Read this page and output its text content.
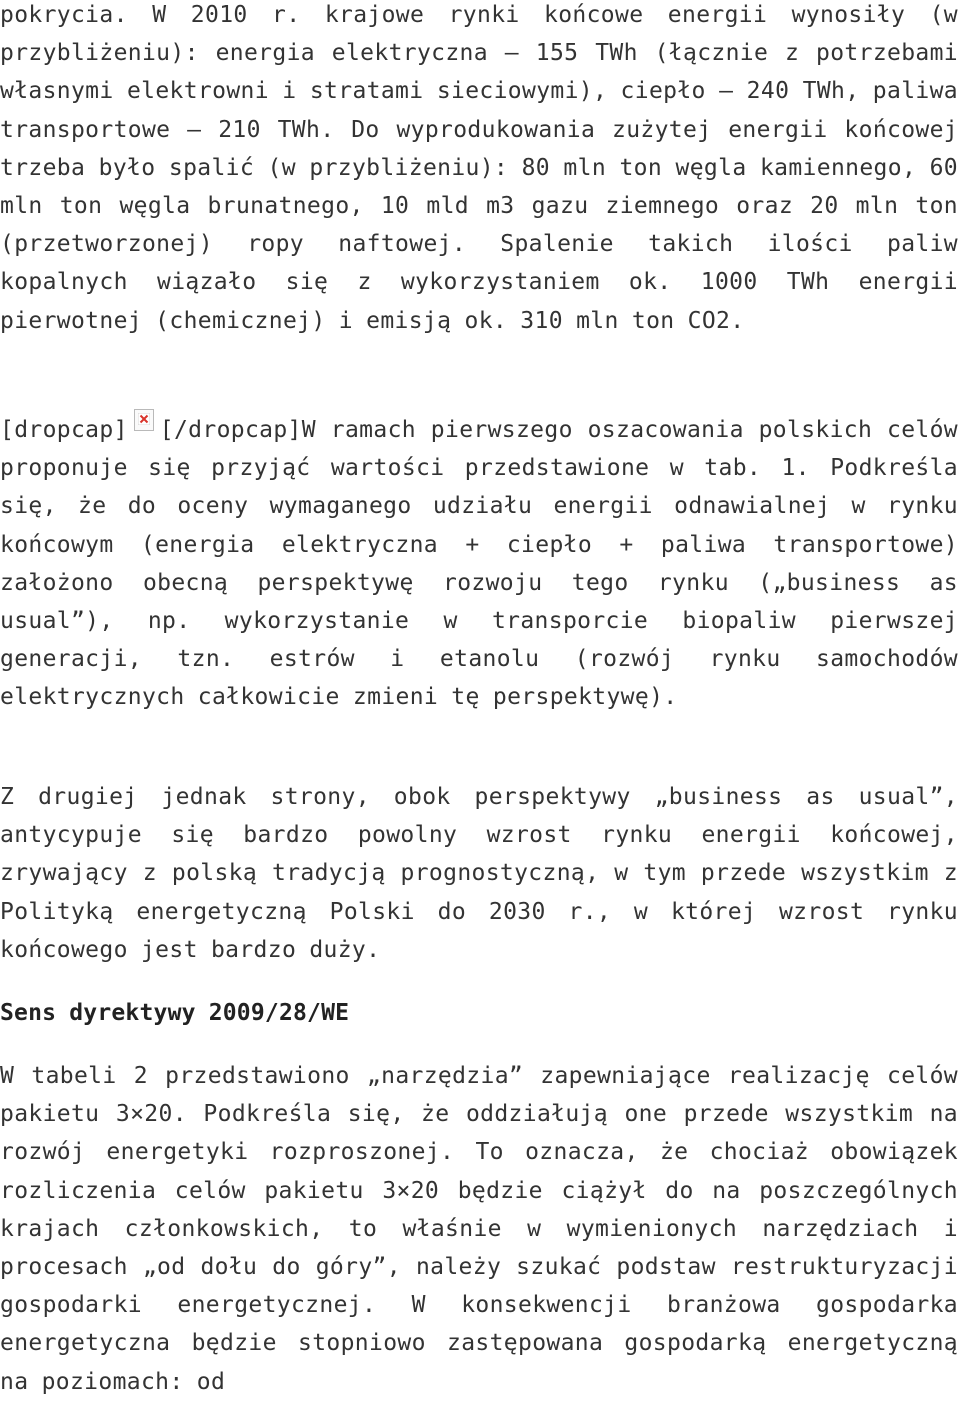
pokrycia. W 2010 r. krajowe rynki końcowe energii wynosiły (w przybliżeniu): energia elektryczna – 155 TWh (łącznie z potrzebami własnymi elektrowni i stratami sieciowymi), ciepło – 240 TWh, paliwa transportowe – 210 TWh. Do wyprodukowania zużytej energii końcowej trzeba było spalić (w przybliżeniu): 80 mln ton węgla kamiennego, 60 mln ton węgla brunatnego, 10 mld m3 gazu ziemnego oraz 20 mln ton (przetworzonej) ropy naftowej. Spalenie takich ilości paliw kopalnych wiązało się z wykorzystaniem ok. 1000 TWh energii pierwotnej (chemicznej) i emisją ok. 310 mln ton CO2.

[dropcap] [/dropcap]W ramach pierwszego oszacowania polskich celów proponuje się przyjąć wartości przedstawione w tab. 1. Podkreśla się, że do oceny wymaganego udziału energii odnawialnej w rynku końcowym (energia elektryczna + ciepło + paliwa transportowe) założono obecną perspektywę rozwoju tego rynku („business as usual”), np. wykorzystanie w transporcie biopaliw pierwszej generacji, tzn. estrów i etanolu (rozwój rynku samochodów elektrycznych całkowicie zmieni tę perspektywę).

Z drugiej jednak strony, obok perspektywy „business as usual”, antycypuje się bardzo powolny wzrost rynku energii końcowej, zrywający z polską tradycją prognostyczną, w tym przede wszystkim z Polityką energetyczną Polski do 2030 r., w której wzrost rynku końcowego jest bardzo duży.

Sens dyrektywy 2009/28/WE

W tabeli 2 przedstawiono „narzędzia” zapewniające realizację celów pakietu 3×20. Podkreśla się, że oddziałują one przede wszystkim na rozwój energetyki rozproszonej. To oznacza, że chociaż obowiązek rozliczenia celów pakietu 3×20 będzie ciążył do na poszczególnych krajach członkowskich, to właśnie w wymienionych narzędziach i procesach „od dołu do góry”, należy szukać podstaw restrukturyzacji gospodarki energetycznej. W konsekwencji branżowa gospodarka energetyczna będzie stopniowo zastępowana gospodarką energetyczną na poziomach: od
